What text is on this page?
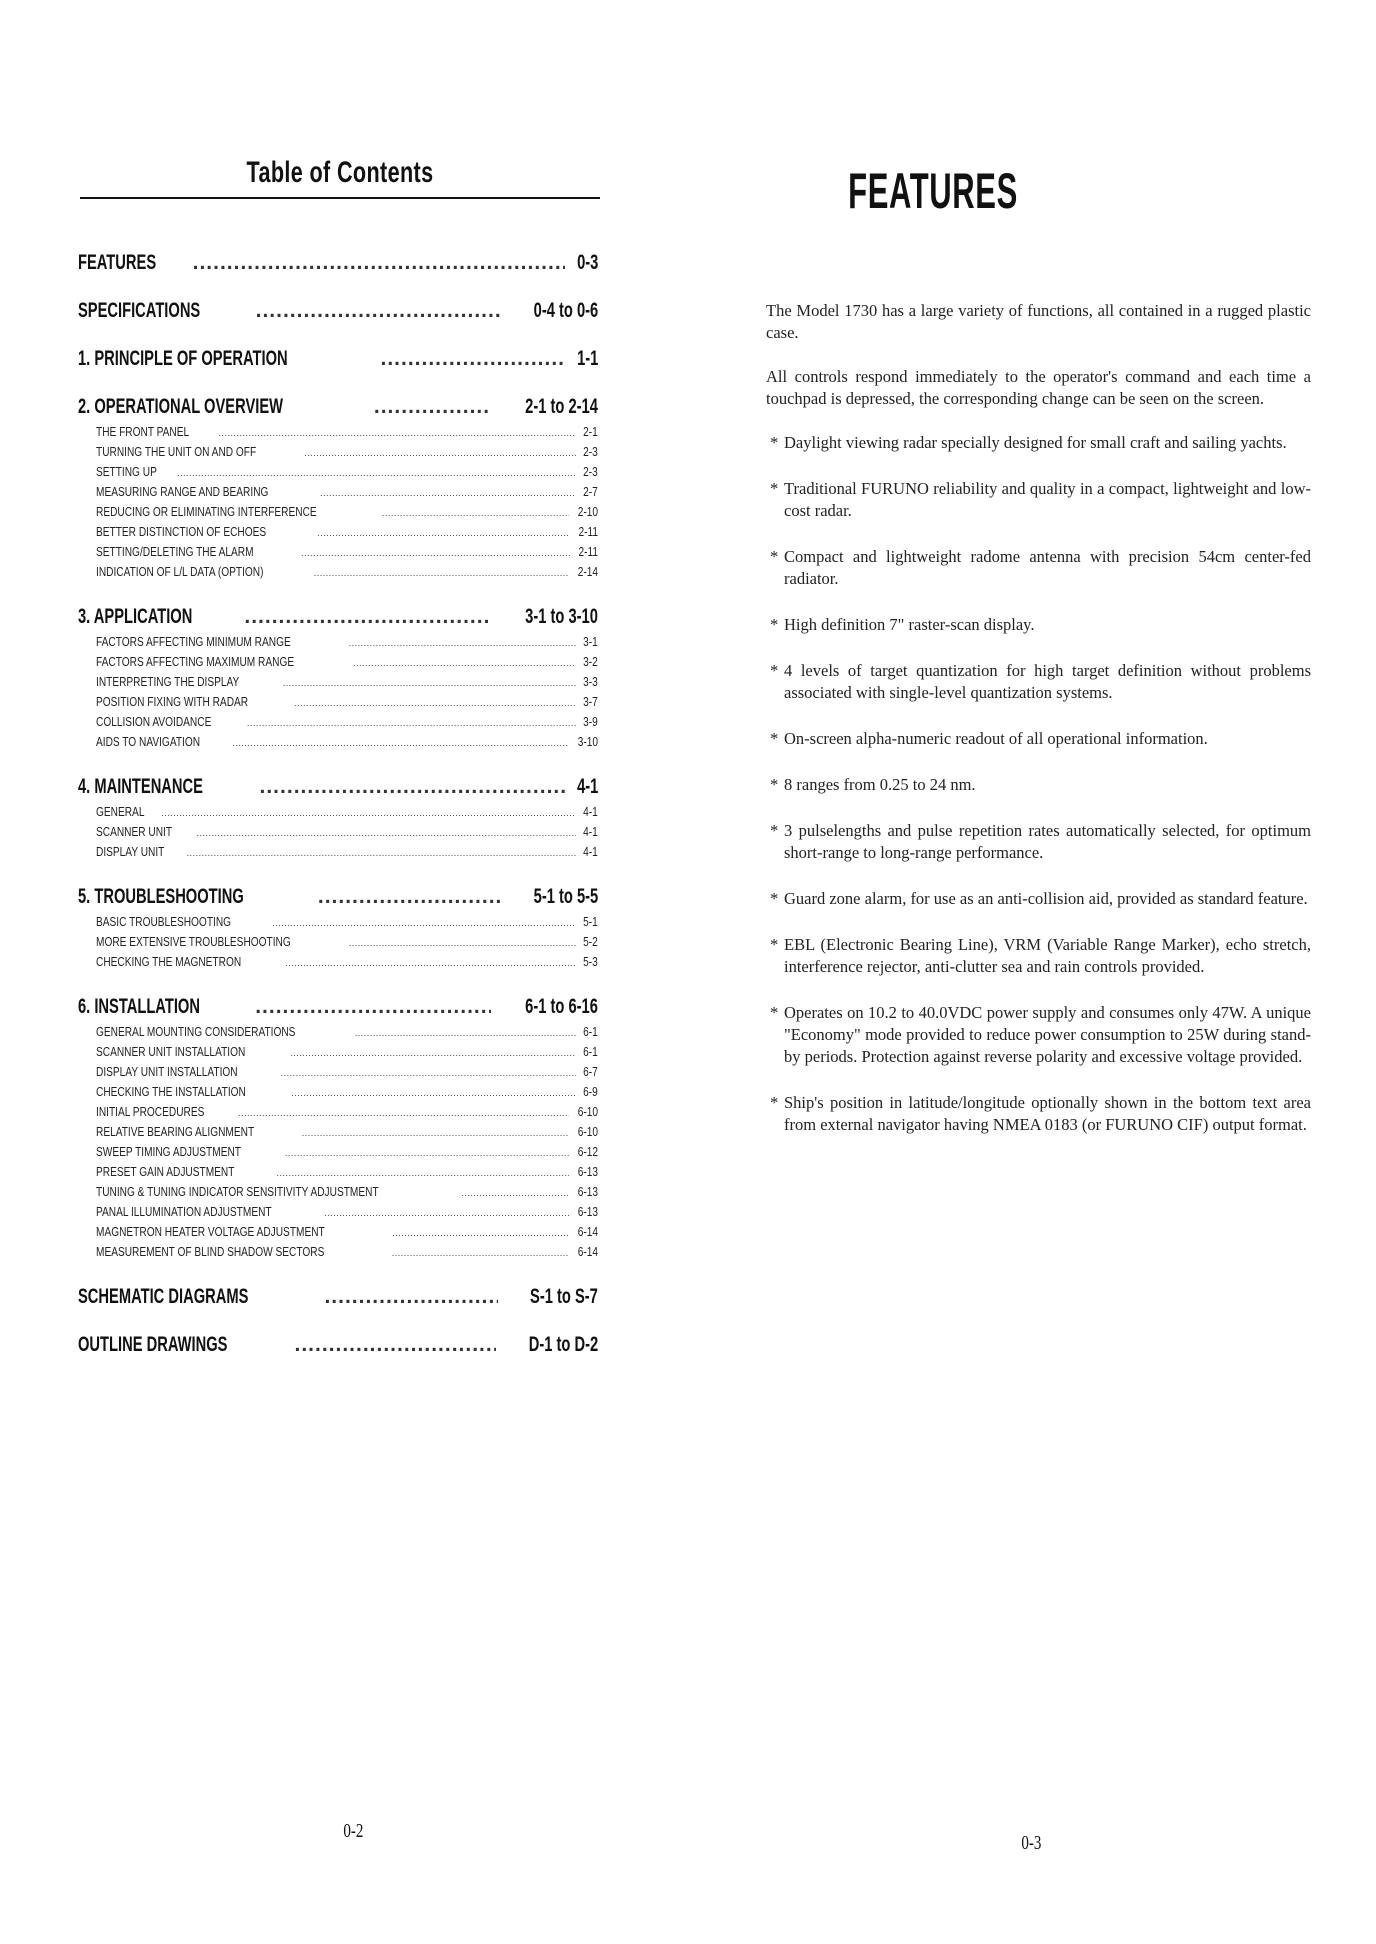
Table of Contents
FEATURES .....	0-3
SPECIFICATIONS .....	0-4 to 0-6
1. PRINCIPLE OF OPERATION .....	1-1
2. OPERATIONAL OVERVIEW .....	2-1 to 2-14
THE FRONT PANEL .....	2-1
TURNING THE UNIT ON AND OFF .....	2-3
SETTING UP .....	2-3
MEASURING RANGE AND BEARING .....	2-7
REDUCING OR ELIMINATING INTERFERENCE .....	2-10
BETTER DISTINCTION OF ECHOES .....	2-11
SETTING/DELETING THE ALARM .....	2-11
INDICATION OF L/L DATA (OPTION) .....	2-14
3. APPLICATION .....	3-1 to 3-10
FACTORS AFFECTING MINIMUM RANGE .....	3-1
FACTORS AFFECTING MAXIMUM RANGE .....	3-2
INTERPRETING THE DISPLAY .....	3-3
POSITION FIXING WITH RADAR .....	3-7
COLLISION AVOIDANCE .....	3-9
AIDS TO NAVIGATION .....	3-10
4. MAINTENANCE .....	4-1
GENERAL .....	4-1
SCANNER UNIT .....	4-1
DISPLAY UNIT .....	4-1
5. TROUBLESHOOTING .....	5-1 to 5-5
BASIC TROUBLESHOOTING .....	5-1
MORE EXTENSIVE TROUBLESHOOTING .....	5-2
CHECKING THE MAGNETRON .....	5-3
6. INSTALLATION .....	6-1 to 6-16
GENERAL MOUNTING CONSIDERATIONS .....	6-1
SCANNER UNIT INSTALLATION .....	6-1
DISPLAY UNIT INSTALLATION .....	6-7
CHECKING THE INSTALLATION .....	6-9
INITIAL PROCEDURES .....	6-10
RELATIVE BEARING ALIGNMENT .....	6-10
SWEEP TIMING ADJUSTMENT .....	6-12
PRESET GAIN ADJUSTMENT .....	6-13
TUNING & TUNING INDICATOR SENSITIVITY ADJUSTMENT .....	6-13
PANAL ILLUMINATION ADJUSTMENT .....	6-13
MAGNETRON HEATER VOLTAGE ADJUSTMENT .....	6-14
MEASUREMENT OF BLIND SHADOW SECTORS .....	6-14
SCHEMATIC DIAGRAMS .....	S-1 to S-7
OUTLINE DRAWINGS .....	D-1 to D-2
0-2
FEATURES

The Model 1730 has a large variety of functions, all contained in a rugged plastic case.

All controls respond immediately to the operator's command and each time a touchpad is depressed, the corresponding change can be seen on the screen.

* Daylight viewing radar specially designed for small craft and sailing yachts.
* Traditional FURUNO reliability and quality in a compact, lightweight and low-cost radar.
* Compact and lightweight radome antenna with precision 54cm center-fed radiator.
* High definition 7" raster-scan display.
* 4 levels of target quantization for high target definition without problems associated with single-level quantization systems.
* On-screen alpha-numeric readout of all operational information.
* 8 ranges from 0.25 to 24 nm.
* 3 pulselengths and pulse repetition rates automatically selected, for optimum short-range to long-range performance.
* Guard zone alarm, for use as an anti-collision aid, provided as standard feature.
* EBL (Electronic Bearing Line), VRM (Variable Range Marker), echo stretch, interference rejector, anti-clutter sea and rain controls provided.
* Operates on 10.2 to 40.0VDC power supply and consumes only 47W. A unique "Economy" mode provided to reduce power consumption to 25W during stand-by periods. Protection against reverse polarity and excessive voltage provided.
* Ship's position in latitude/longitude optionally shown in the bottom text area from external navigator having NMEA 0183 (or FURUNO CIF) output format.
0-3
